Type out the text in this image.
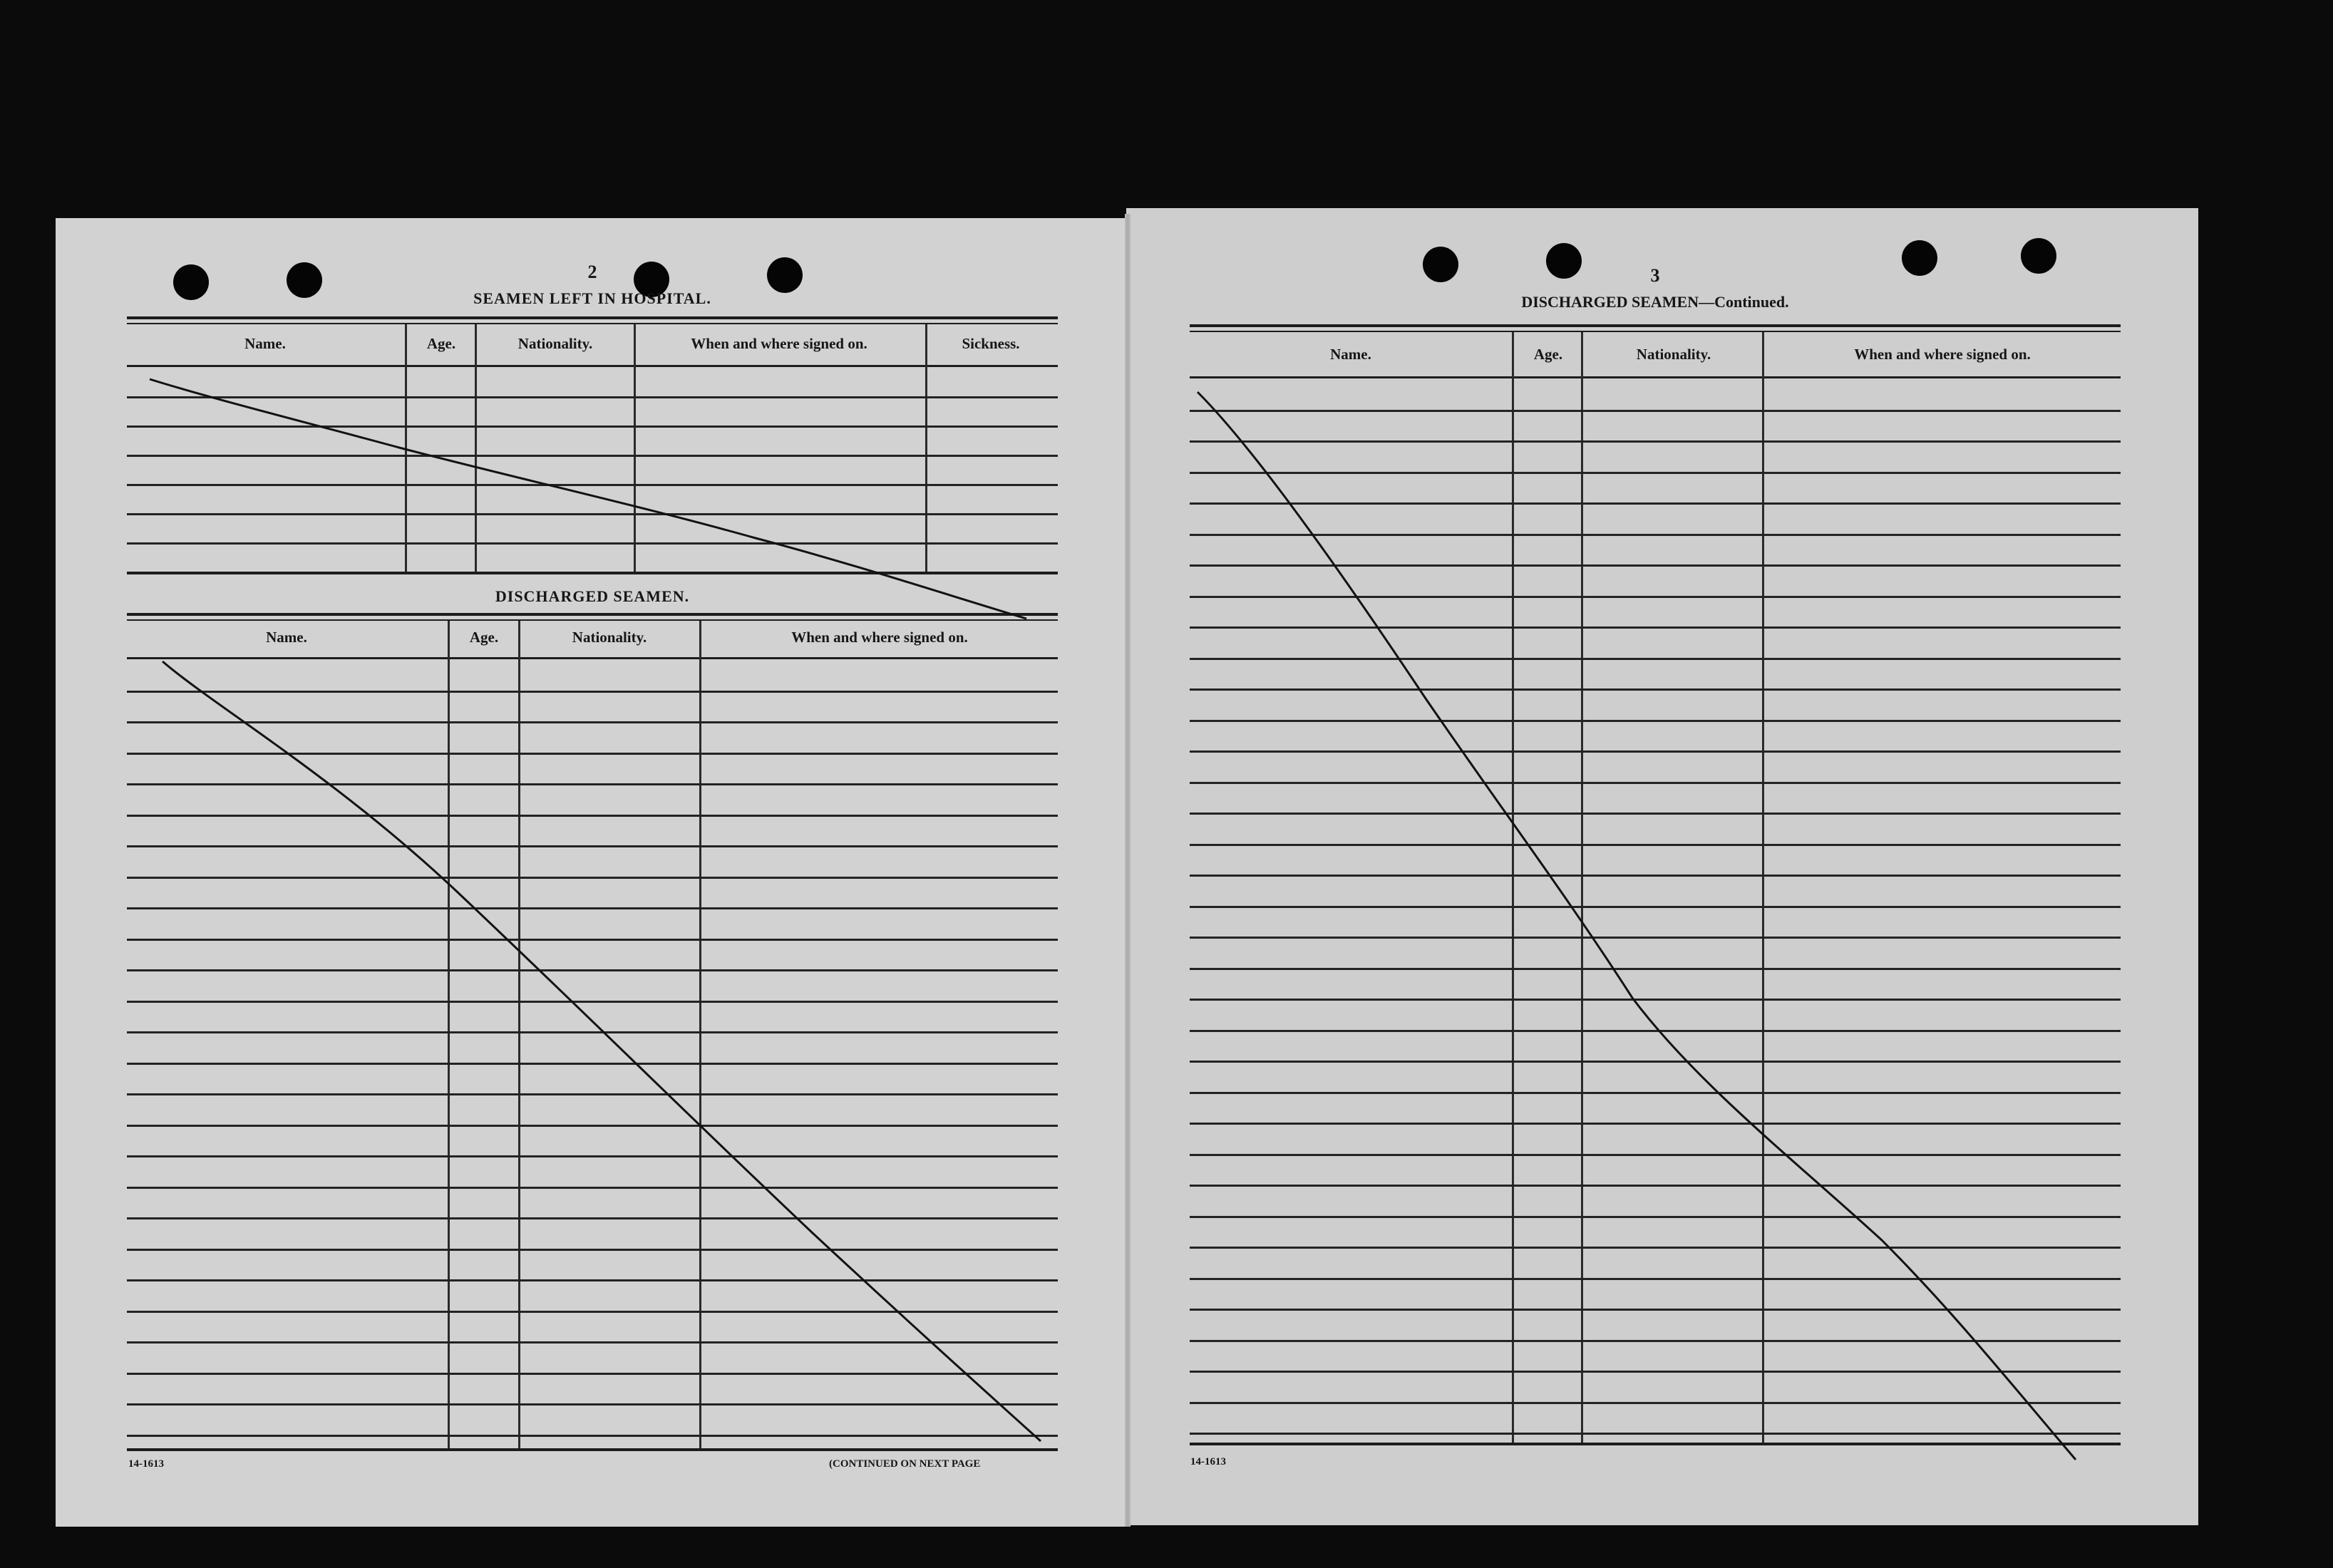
2
SEAMEN LEFT IN HOSPITAL.
Name.	Age.	Nationality.	When and where signed on.	Sickness.
DISCHARGED SEAMEN.
Name.	Age.	Nationality.	When and where signed on.
14-1613	(CONTINUED ON NEXT PAGE
3
DISCHARGED SEAMEN—Continued.
Name.	Age.	Nationality.	When and where signed on.
14-1613
